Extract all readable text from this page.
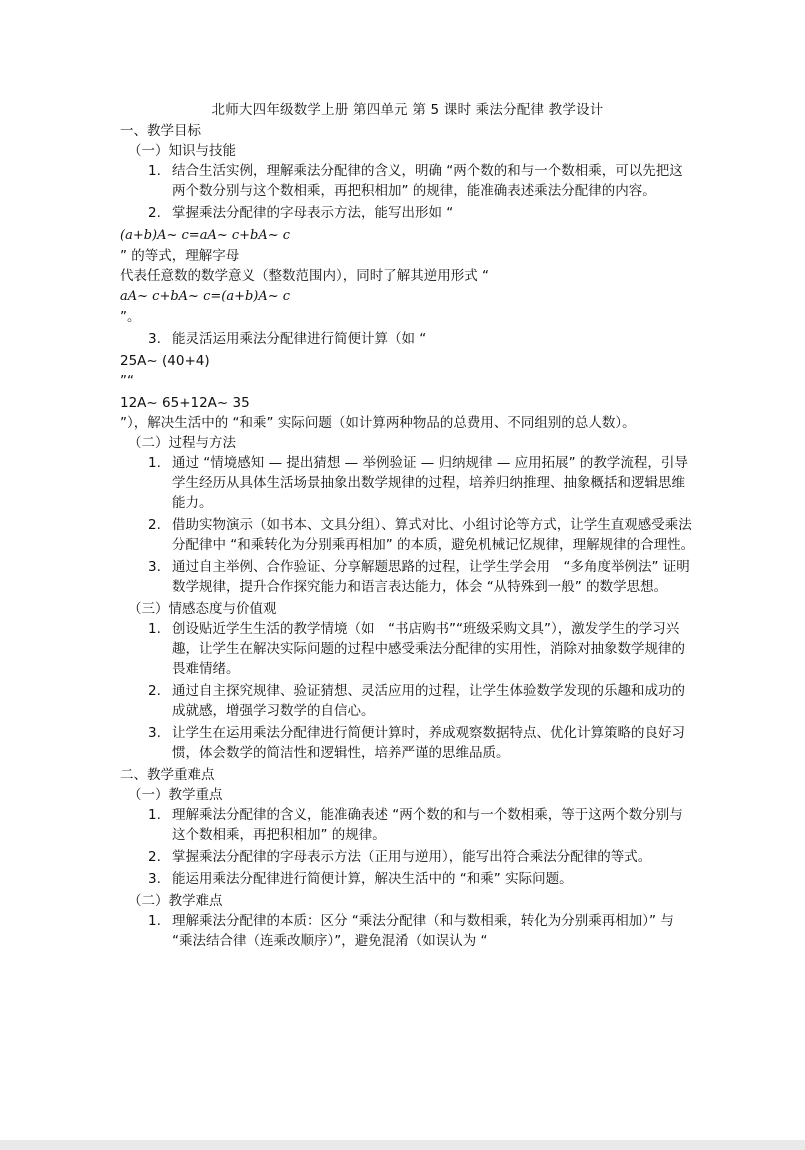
北师大四年级数学上册 第四单元 第 5 课时 乘法分配律 教学设计
一、教学目标
（一）知识与技能
1. 结合生活实例，理解乘法分配律的含义，明确 “两个数的和与一个数相乘，可以先把这两个数分别与这个数相乘，再把积相加” 的规律，能准确表述乘法分配律的内容。
2. 掌握乘法分配律的字母表示方法，能写出形如 “
(a+b)A~ c=aA~ c+bA~ c
” 的等式，理解字母
代表任意数的数学意义（整数范围内），同时了解其逆用形式 “
aA~ c+bA~ c=(a+b)A~ c
”。
3. 能灵活运用乘法分配律进行简便计算（如 “
25A~ (40+4)
”“
12A~ 65+12A~ 35
”），解决生活中的 “和乘” 实际问题（如计算两种物品的总费用、不同组别的总人数）。
（二）过程与方法
1. 通过 “情境感知 — 提出猜想 — 举例验证 — 归纳规律 — 应用拓展” 的教学流程，引导学生经历从具体生活场景抽象出数学规律的过程，培养归纳推理、抽象概括和逻辑思维能力。
2. 借助实物演示（如书本、文具分组）、算式对比、小组讨论等方式，让学生直观感受乘法分配律中 “和乘转化为分别乘再相加” 的本质，避免机械记忆规律，理解规律的合理性。
3. 通过自主举例、合作验证、分享解题思路的过程，让学生学会用　“多角度举例法” 证明数学规律，提升合作探究能力和语言表达能力，体会 “从特殊到一般” 的数学思想。
（三）情感态度与价值观
1. 创设贴近学生生活的教学情境（如　“书店购书”“班级采购文具”），激发学生的学习兴趣，让学生在解决实际问题的过程中感受乘法分配律的实用性，消除对抽象数学规律的畏难情绪。
2. 通过自主探究规律、验证猜想、灵活应用的过程，让学生体验数学发现的乐趣和成功的成就感，增强学习数学的自信心。
3. 让学生在运用乘法分配律进行简便计算时，养成观察数据特点、优化计算策略的良好习惯，体会数学的简洁性和逻辑性，培养严谨的思维品质。
二、教学重难点
（一）教学重点
1. 理解乘法分配律的含义，能准确表述 “两个数的和与一个数相乘，等于这两个数分别与这个数相乘，再把积相加” 的规律。
2. 掌握乘法分配律的字母表示方法（正用与逆用），能写出符合乘法分配律的等式。
3. 能运用乘法分配律进行简便计算，解决生活中的 “和乘” 实际问题。
（二）教学难点
1. 理解乘法分配律的本质：区分 “乘法分配律（和与数相乘，转化为分别乘再相加）” 与 “乘法结合律（连乘改顺序）”，避免混淆（如误认为 “
